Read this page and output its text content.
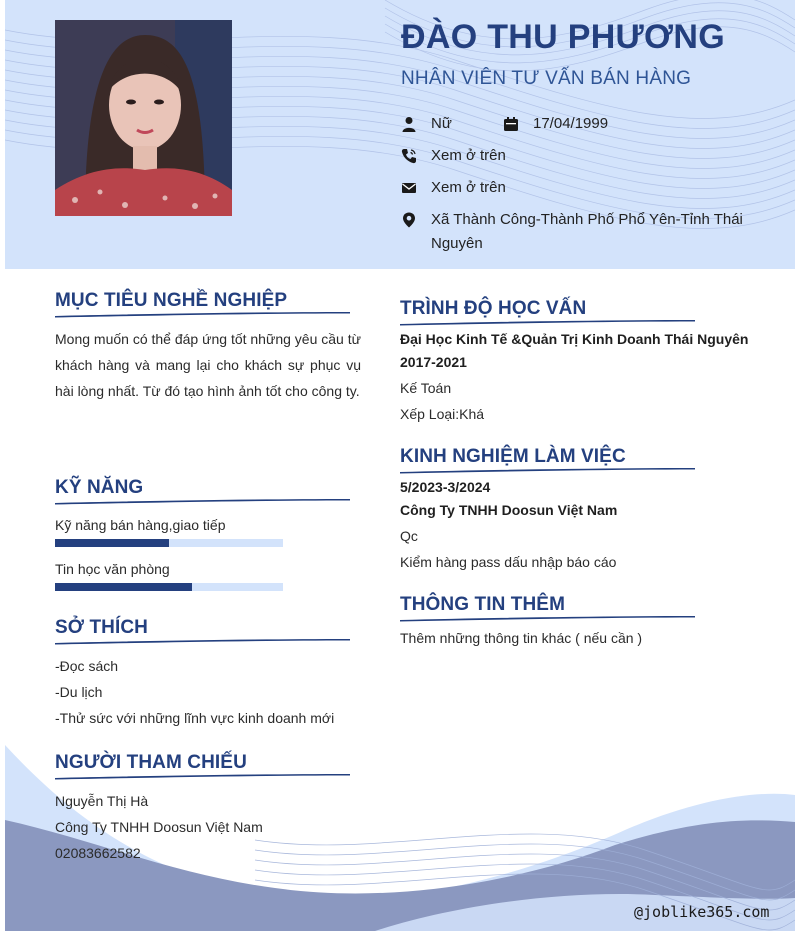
ĐÀO THU PHƯƠNG
NHÂN VIÊN TƯ VẤN BÁN HÀNG
Nữ	17/04/1999
Xem ở trên
Xem ở trên
Xã Thành Công-Thành Phố Phổ Yên-Tỉnh Thái
Nguyên
MỤC TIÊU NGHỀ NGHIỆP
Mong muốn có thể đáp ứng tốt những yêu cầu từ khách hàng và mang lại cho khách sự phục vụ hài lòng nhất. Từ đó tạo hình ảnh tốt cho công ty.
KỸ NĂNG
Kỹ năng bán hàng,giao tiếp
Tin học văn phòng
SỞ THÍCH
-Đọc sách
-Du lịch
-Thử sức với những lĩnh vực kinh doanh mới
NGƯỜI THAM CHIẾU
Nguyễn Thị Hà
Công Ty TNHH Doosun Việt Nam
02083662582
TRÌNH ĐỘ HỌC VẤN
Đại Học Kinh Tế &Quản Trị Kinh Doanh Thái Nguyên
2017-2021
Kế Toán
Xếp Loại:Khá
KINH NGHIỆM LÀM VIỆC
5/2023-3/2024
Công Ty TNHH Doosun Việt Nam
Qc
Kiểm hàng pass dấu nhập báo cáo
THÔNG TIN THÊM
Thêm những thông tin khác ( nếu cần )
@joblike365.com
